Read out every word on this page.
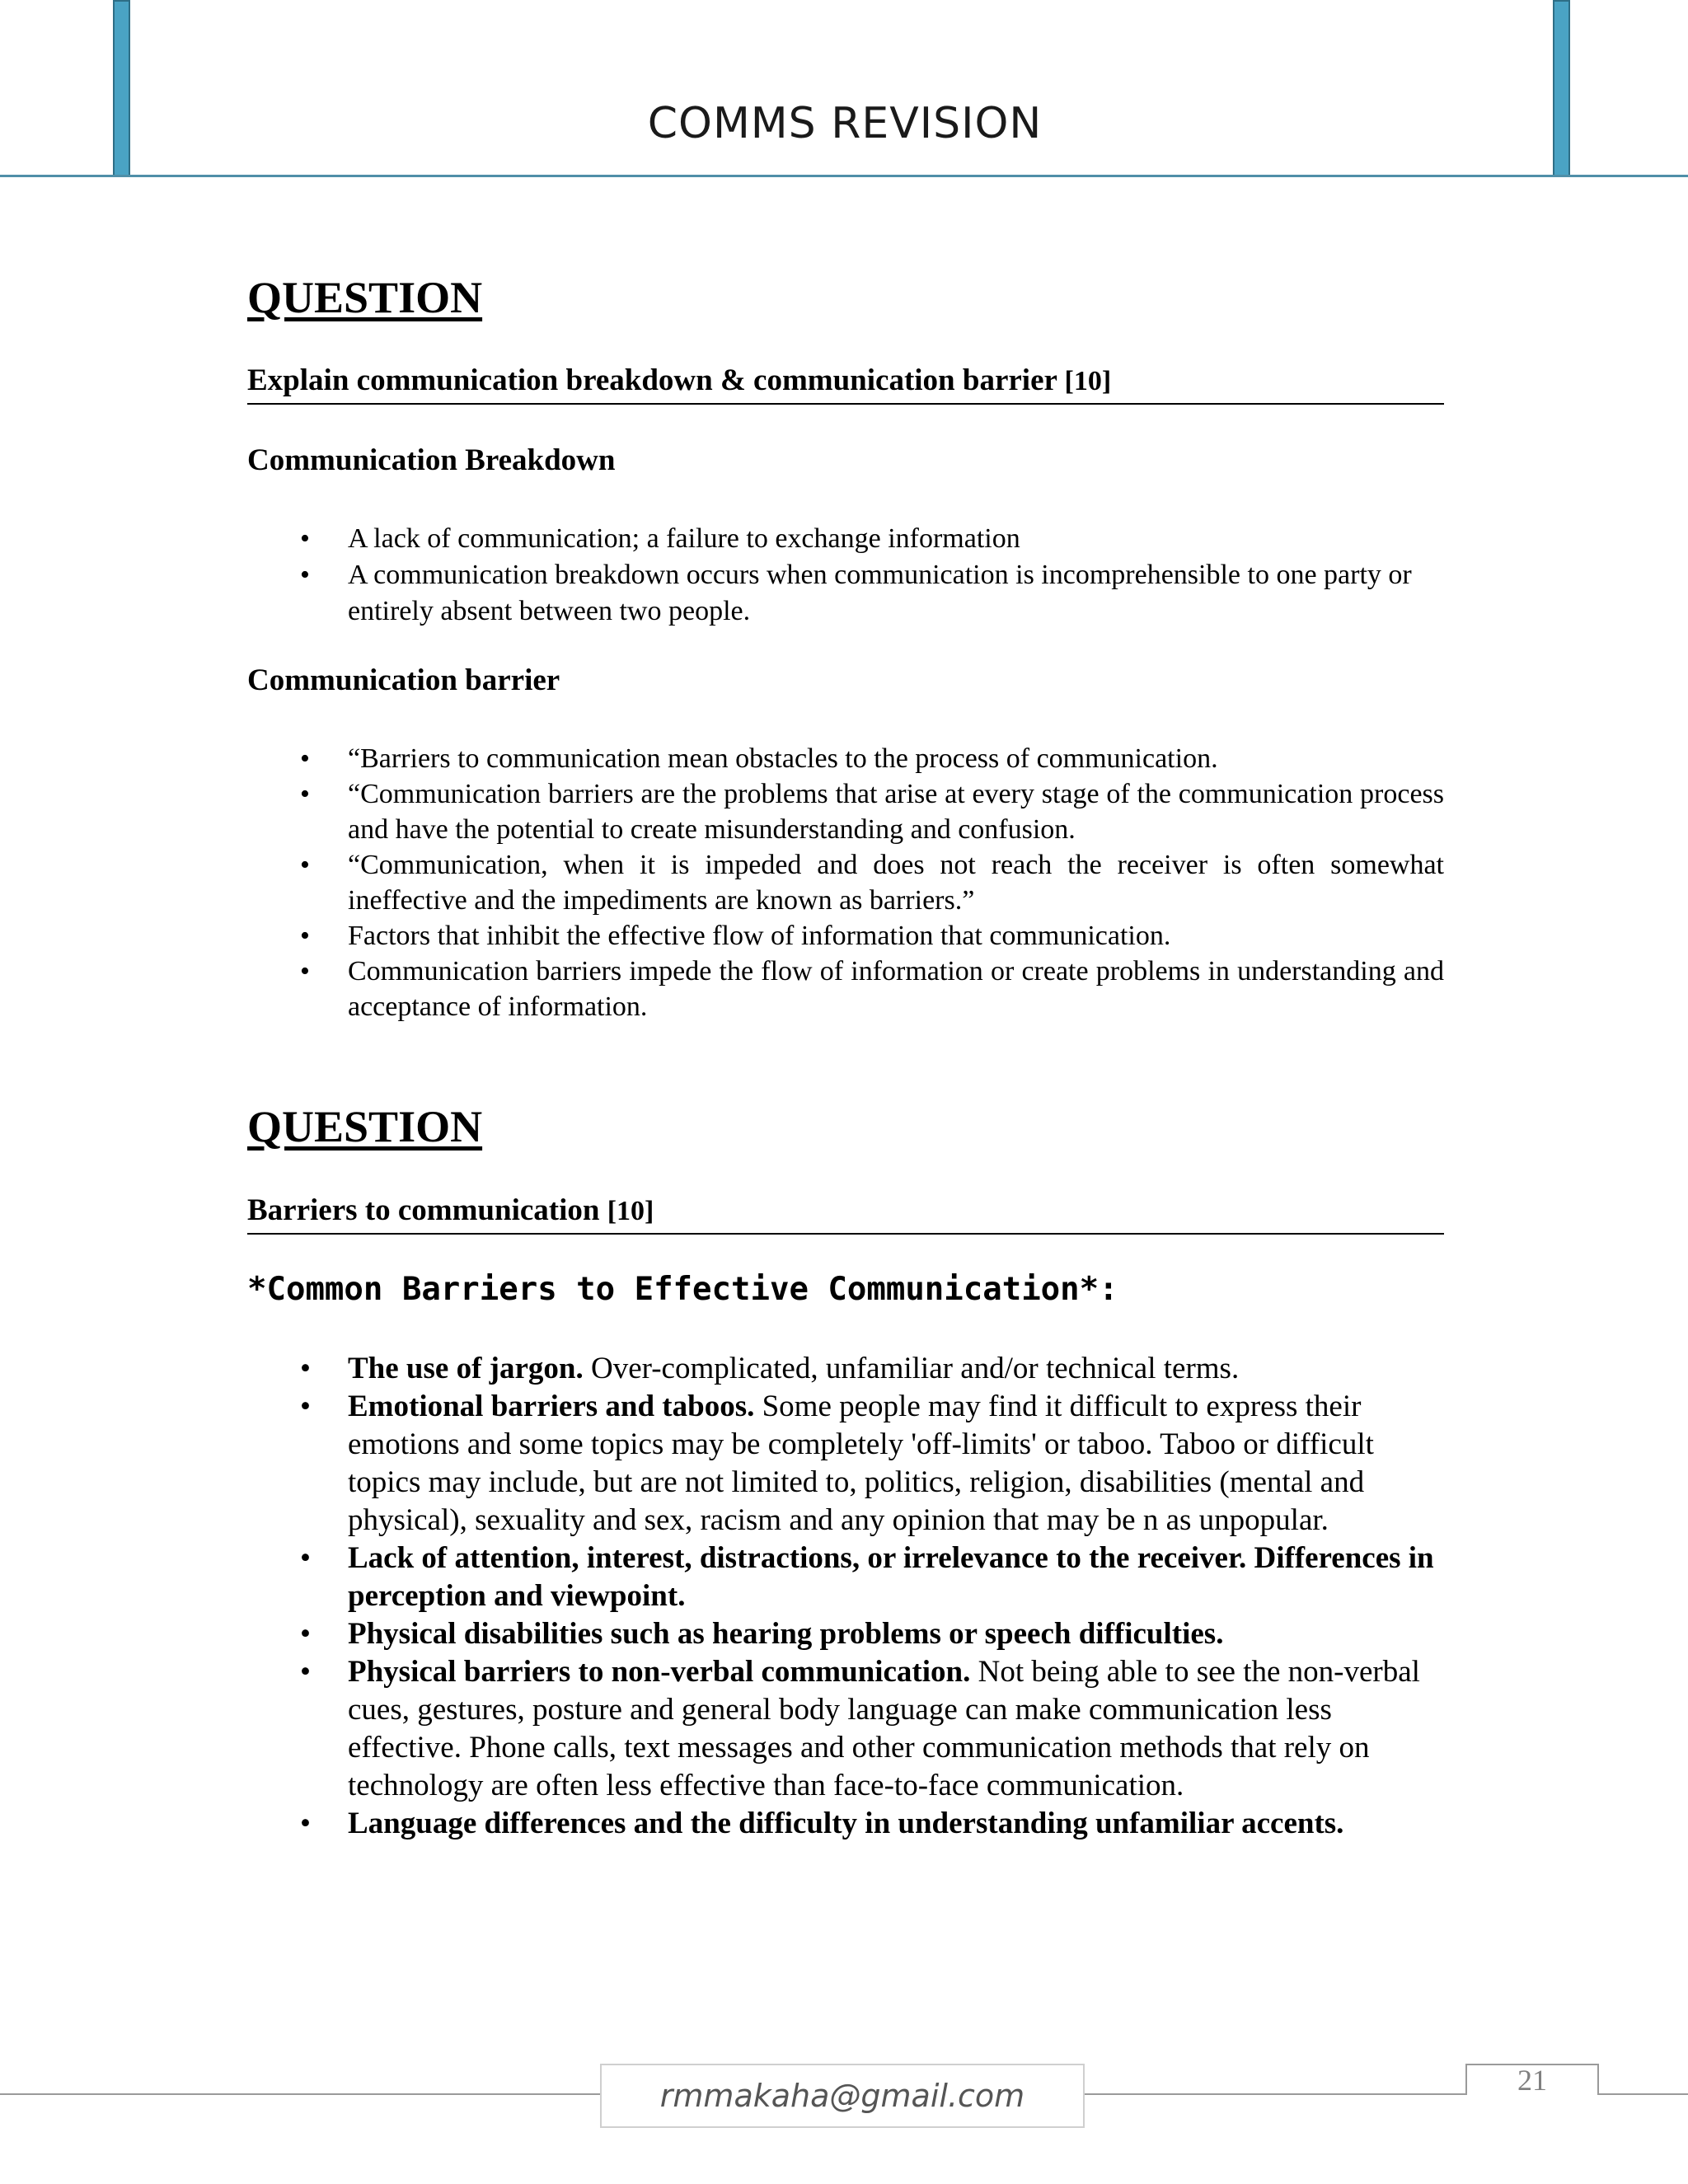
COMMS REVISION
QUESTION
Explain communication breakdown & communication barrier [10]
Communication Breakdown
• A lack of communication; a failure to exchange information
• A communication breakdown occurs when communication is incomprehensible to one party or entirely absent between two people.
Communication barrier
• “Barriers to communication mean obstacles to the process of communication.
• “Communication barriers are the problems that arise at every stage of the communication process and have the potential to create misunderstanding and confusion.
• “Communication, when it is impeded and does not reach the receiver is often somewhat ineffective and the impediments are known as barriers.”
• Factors that inhibit the effective flow of information that communication.
• Communication barriers impede the flow of information or create problems in understanding and acceptance of information.
QUESTION
Barriers to communication [10]
*Common Barriers to Effective Communication*:
• The use of jargon. Over-complicated, unfamiliar and/or technical terms.
• Emotional barriers and taboos. Some people may find it difficult to express their emotions and some topics may be completely 'off-limits' or taboo. Taboo or difficult topics may include, but are not limited to, politics, religion, disabilities (mental and physical), sexuality and sex, racism and any opinion that may be n as unpopular.
• Lack of attention, interest, distractions, or irrelevance to the receiver. Differences in perception and viewpoint.
• Physical disabilities such as hearing problems or speech difficulties.
• Physical barriers to non-verbal communication. Not being able to see the non-verbal cues, gestures, posture and general body language can make communication less effective. Phone calls, text messages and other communication methods that rely on technology are often less effective than face-to-face communication.
• Language differences and the difficulty in understanding unfamiliar accents.
rmmakaha@gmail.com	21
